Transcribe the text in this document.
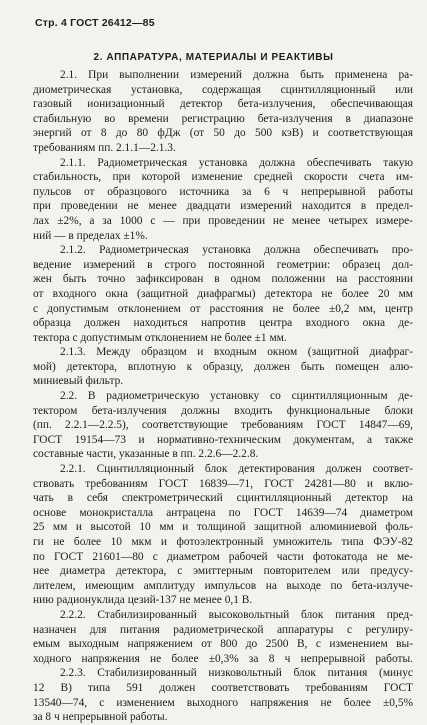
Стр. 4 ГОСТ 26412—85
2. АППАРАТУРА, МАТЕРИАЛЫ И РЕАКТИВЫ
2.1. При выполнении измерений должна быть применена ра-
диометрическая установка, содержащая сцинтилляционный или
газовый ионизационный детектор бета-излучения, обеспечивающая
стабильную во времени регистрацию бета-излучения в диапазоне
энергий от 8 до 80 фДж (от 50 до 500 кэВ) и соответствующая
требованиям пп. 2.1.1—2.1.3.
2.1.1. Радиометрическая установка должна обеспечивать такую
стабильность, при которой изменение средней скорости счета им-
пульсов от образцового источника за 6 ч непрерывной работы
при проведении не менее двадцати измерений находится в предел-
лах ±2%, а за 1000 с — при проведении не менее четырех измере-
ний — в пределах ±1%.
2.1.2. Радиометрическая установка должна обеспечивать про-
ведение измерений в строго постоянной геометрии: образец дол-
жен быть точно зафиксирован в одном положении на расстоянии
от входного окна (защитной диафрагмы) детектора не более 20 мм
с допустимым отклонением от расстояния не более ±0,2 мм, центр
образца должен находиться напротив центра входного окна де-
тектора с допустимым отклонением не более ±1 мм.
2.1.3. Между образцом и входным окном (защитной диафраг-
мой) детектора, вплотную к образцу, должен быть помещен алю-
миниевый фильтр.
2.2. В радиометрическую установку со сцинтилляционным де-
тектором бета-излучения должны входить функциональные блоки
(пп. 2.2.1—2.2.5), соответствующие требованиям ГОСТ 14847—69,
ГОСТ 19154—73 и нормативно-техническим документам, а также
составные части, указанные в пп. 2.2.6—2.2.8.
2.2.1. Сцинтилляционный блок детектирования должен соответ-
ствовать требованиям ГОСТ 16839—71, ГОСТ 24281—80 и вклю-
чать в себя спектрометрический сцинтилляционный детектор на
основе монокристалла антрацена по ГОСТ 14639—74 диаметром
25 мм и высотой 10 мм и толщиной защитной алюминиевой фоль-
ги не более 10 мкм и фотоэлектронный умножитель типа ФЭУ-82
по ГОСТ 21601—80 с диаметром рабочей части фотокатода не ме-
нее диаметра детектора, с эмиттерным повторителем или предусу-
лителем, имеющим амплитуду импульсов на выходе по бета-излуче-
нию радионуклида цезий-137 не менее 0,1 В.
2.2.2. Стабилизированный высоковольтный блок питания пред-
назначен для питания радиометрической аппаратуры с регулиру-
емым выходным напряжением от 800 до 2500 В, с изменением вы-
ходного напряжения не более ±0,3% за 8 ч непрерывной работы.
2.2.3. Стабилизированный низковольтный блок питания (минус
12 В) типа 591 должен соответствовать требованиям ГОСТ
13540—74, с изменением выходного напряжения не более ±0,5%
за 8 ч непрерывной работы.
